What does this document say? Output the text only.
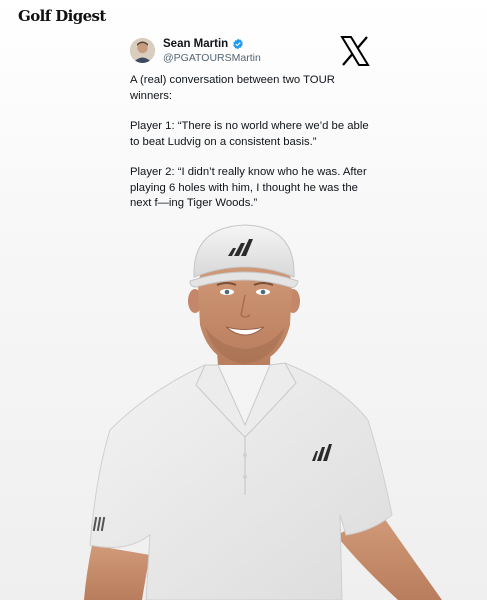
Golf Digest
Sean Martin
@PGATOURSMartin

A (real) conversation between two TOUR winners:

Player 1: “There is no world where we’d be able to beat Ludvig on a consistent basis.”

Player 2: “I didn’t really know who he was. After playing 6 holes with him, I thought he was the next f—ing Tiger Woods.”
